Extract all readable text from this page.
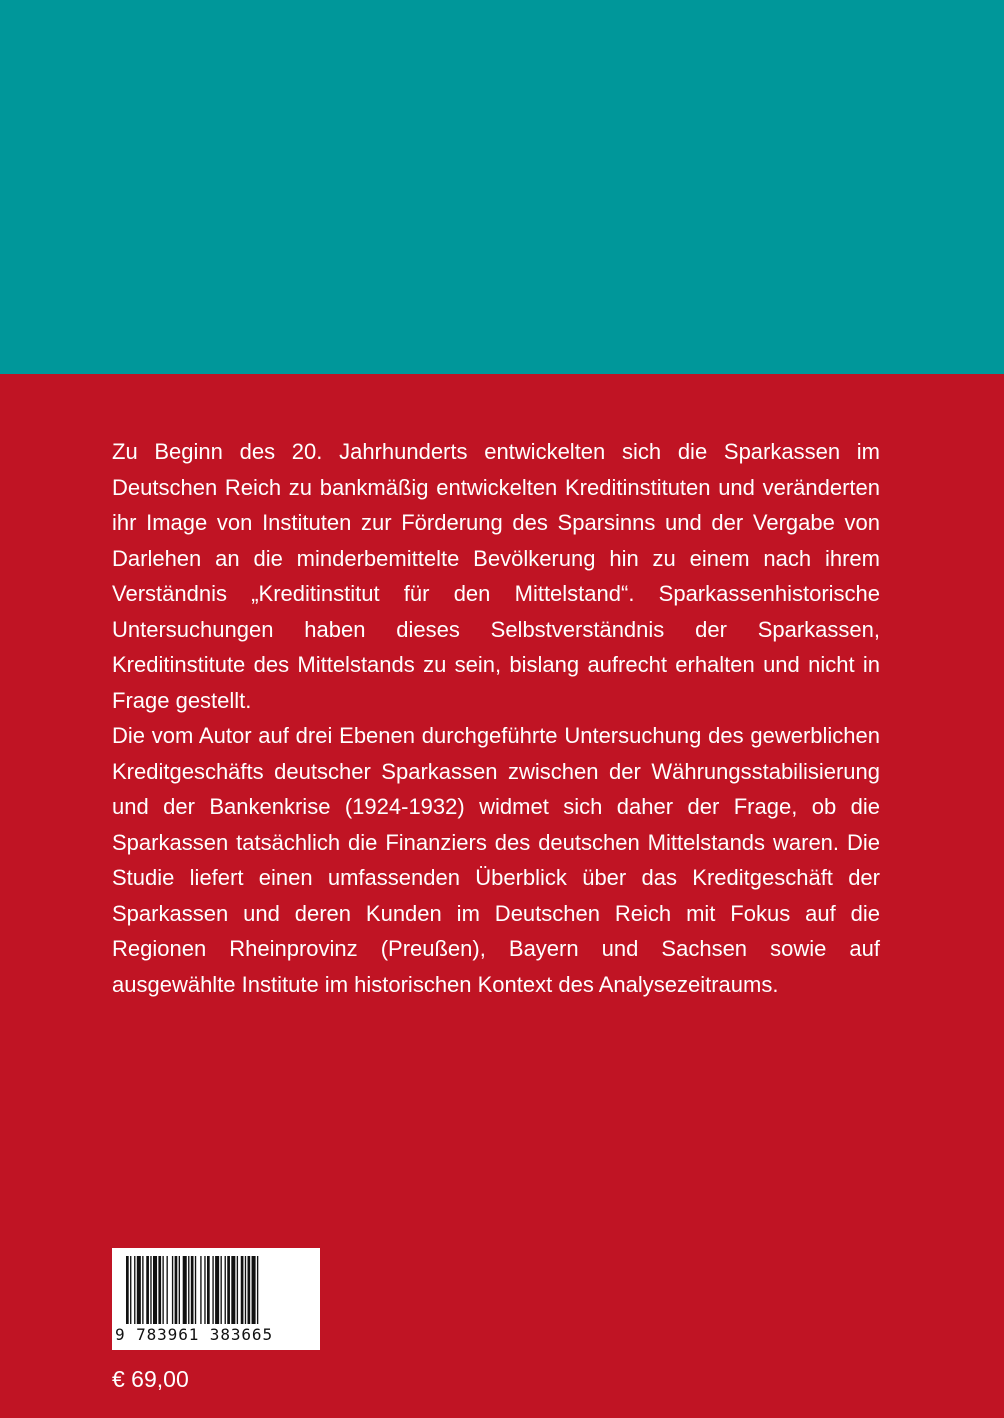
Zu Beginn des 20. Jahrhunderts entwickelten sich die Sparkassen im Deutschen Reich zu bankmäßig entwickelten Kreditinstituten und veränderten ihr Image von Instituten zur Förderung des Sparsinns und der Vergabe von Darlehen an die minderbemittelte Bevölkerung hin zu einem nach ihrem Verständnis „Kreditinstitut für den Mittelstand“. Sparkassenhistorische Untersuchungen haben dieses Selbstverständnis der Sparkassen, Kreditinstitute des Mittelstands zu sein, bislang aufrecht erhalten und nicht in Frage gestellt.

Die vom Autor auf drei Ebenen durchgeführte Untersuchung des gewerblichen Kreditgeschäfts deutscher Sparkassen zwischen der Währungsstabilisierung und der Bankenkrise (1924-1932) widmet sich daher der Frage, ob die Sparkassen tatsächlich die Finanziers des deutschen Mittelstands waren. Die Studie liefert einen umfassenden Überblick über das Kreditgeschäft der Sparkassen und deren Kunden im Deutschen Reich mit Fokus auf die Regionen Rheinprovinz (Preußen), Bayern und Sachsen sowie auf ausgewählte Institute im historischen Kontext des Analysezeitraums.

9 783961 383665
€ 69,00
